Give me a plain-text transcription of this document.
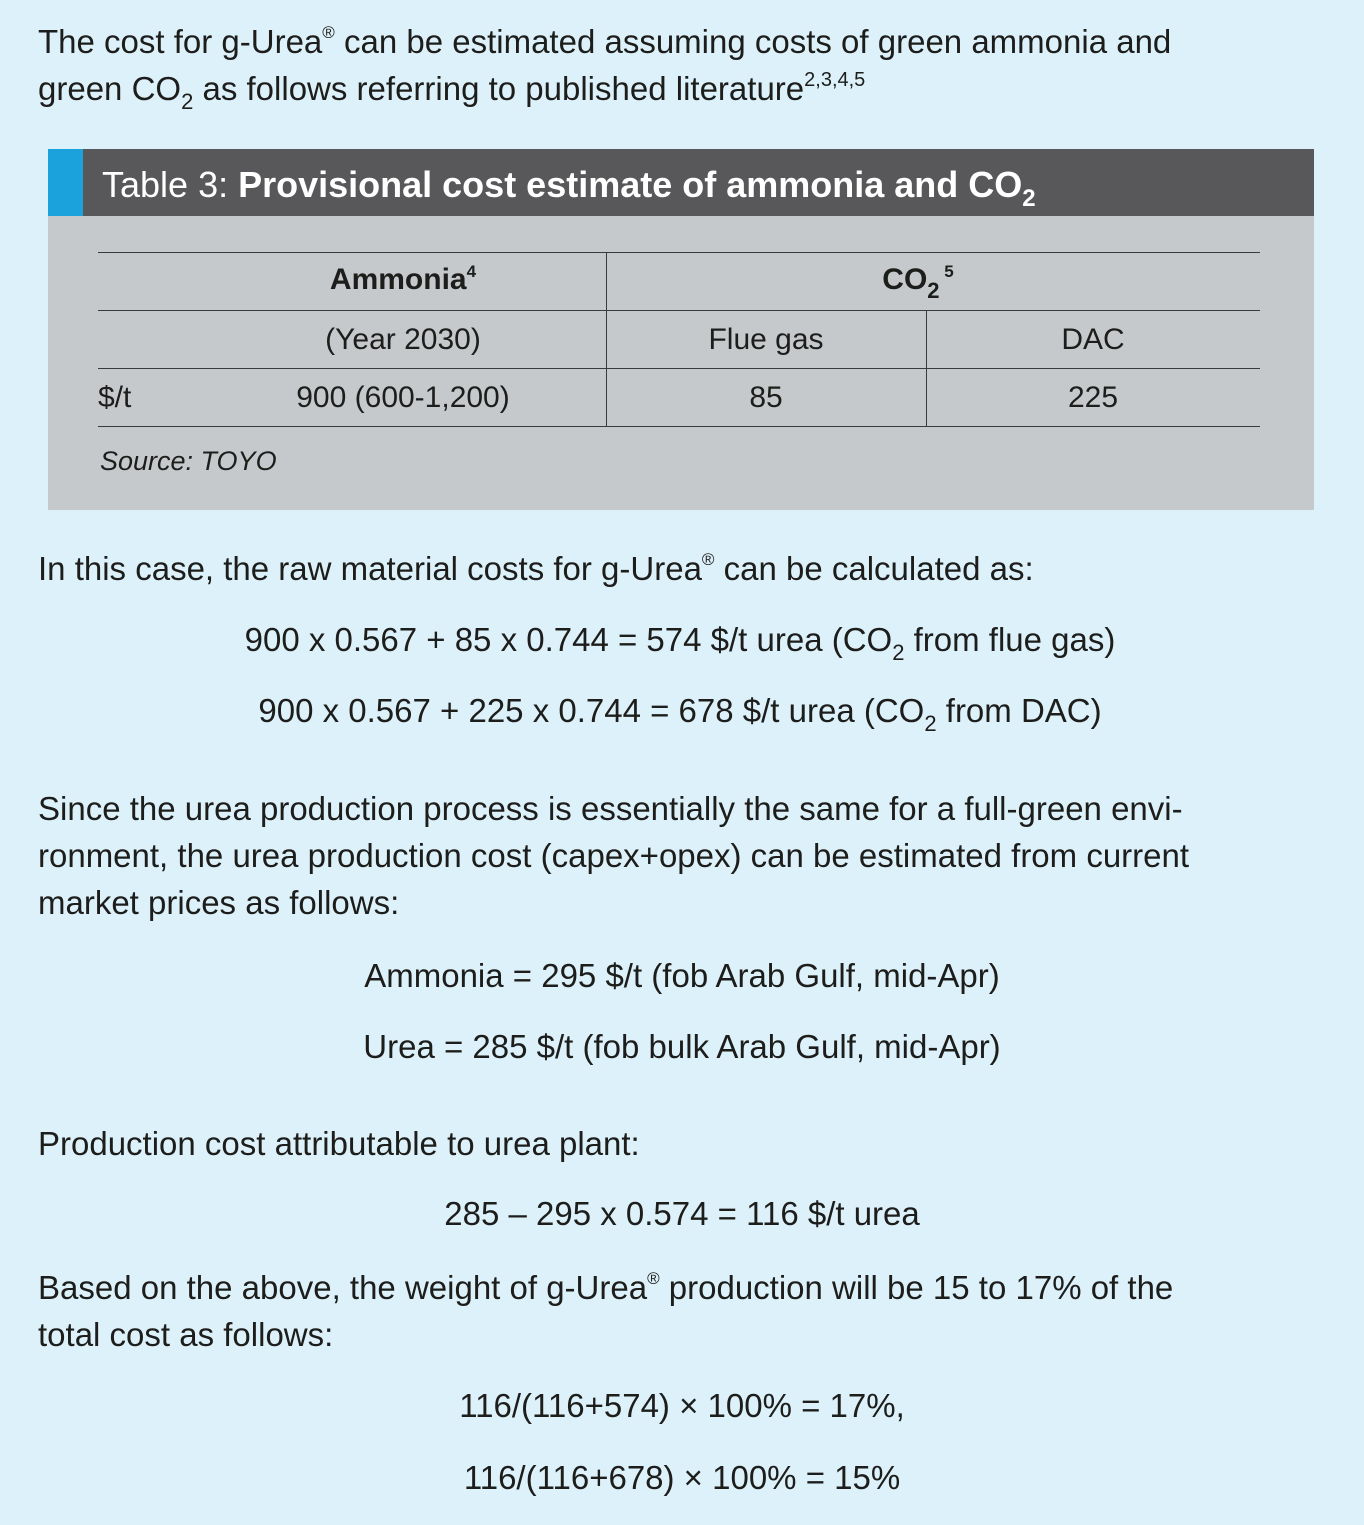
The cost for g-Urea® can be estimated assuming costs of green ammonia and
green $CO_2$ as follows referring to published literature$^{2,3,4,5}$

Table 3: Provisional cost estimate of ammonia and $CO_2$
Ammonia$^4$	$CO_2$ $^5$
(Year 2030)	Flue gas	DAC
$/t	900 (600-1,200)	85	225
Source: TOYO

In this case, the raw material costs for g-Urea® can be calculated as:

900 x 0.567 + 85 x 0.744 = 574 $/t urea ($CO_2$ from flue gas)

900 x 0.567 + 225 x 0.744 = 678 $/t urea ($CO_2$ from DAC)

Since the urea production process is essentially the same for a full-green envi-
ronment, the urea production cost (capex+opex) can be estimated from current
market prices as follows:

Ammonia = 295 $/t (fob Arab Gulf, mid-Apr)

Urea = 285 $/t (fob bulk Arab Gulf, mid-Apr)

Production cost attributable to urea plant:

285 – 295 x 0.574 = 116 $/t urea

Based on the above, the weight of g-Urea® production will be 15 to 17% of the
total cost as follows:

116/(116+574) × 100% = 17%,

116/(116+678) × 100% = 15%
